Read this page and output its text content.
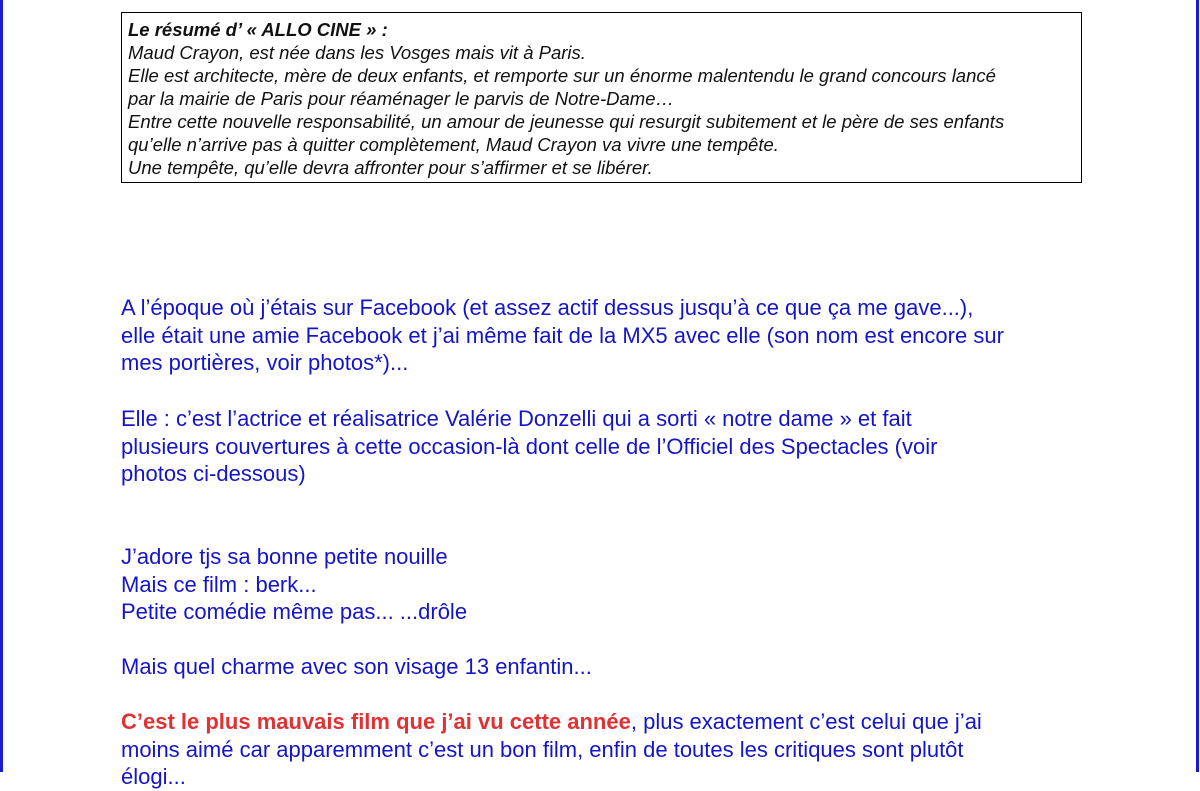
Le résumé d’ « ALLO CINE » :
Maud Crayon, est née dans les Vosges mais vit à Paris.
Elle est architecte, mère de deux enfants, et remporte sur un énorme malentendu le grand concours lancé
par la mairie de Paris pour réaménager le parvis de Notre-Dame…
Entre cette nouvelle responsabilité, un amour de jeunesse qui resurgit subitement et le père de ses enfants
qu’elle n’arrive pas à quitter complètement, Maud Crayon va vivre une tempête.
Une tempête, qu’elle devra affronter pour s’affirmer et se libérer.
A l’époque où j’étais sur Facebook (et assez actif dessus jusqu’à ce que ça me gave...),
elle était une amie Facebook et j’ai même fait de la MX5 avec elle (son nom est encore sur
mes portières, voir photos*)...
Elle : c’est l’actrice et réalisatrice Valérie Donzelli qui a sorti « notre dame » et fait
plusieurs couvertures à cette occasion-là dont celle de l’Officiel des Spectacles (voir
photos ci-dessous)
J’adore tjs sa bonne petite nouille
Mais ce film : berk...
Petite comédie même pas... ...drôle
Mais quel charme avec son visage 13 enfantin...
C’est le plus mauvais film que j’ai vu cette année, plus exactement c’est celui que j’ai
moins aimé car apparemment c’est un bon film, enfin de toutes les critiques sont plutôt
élogi...
